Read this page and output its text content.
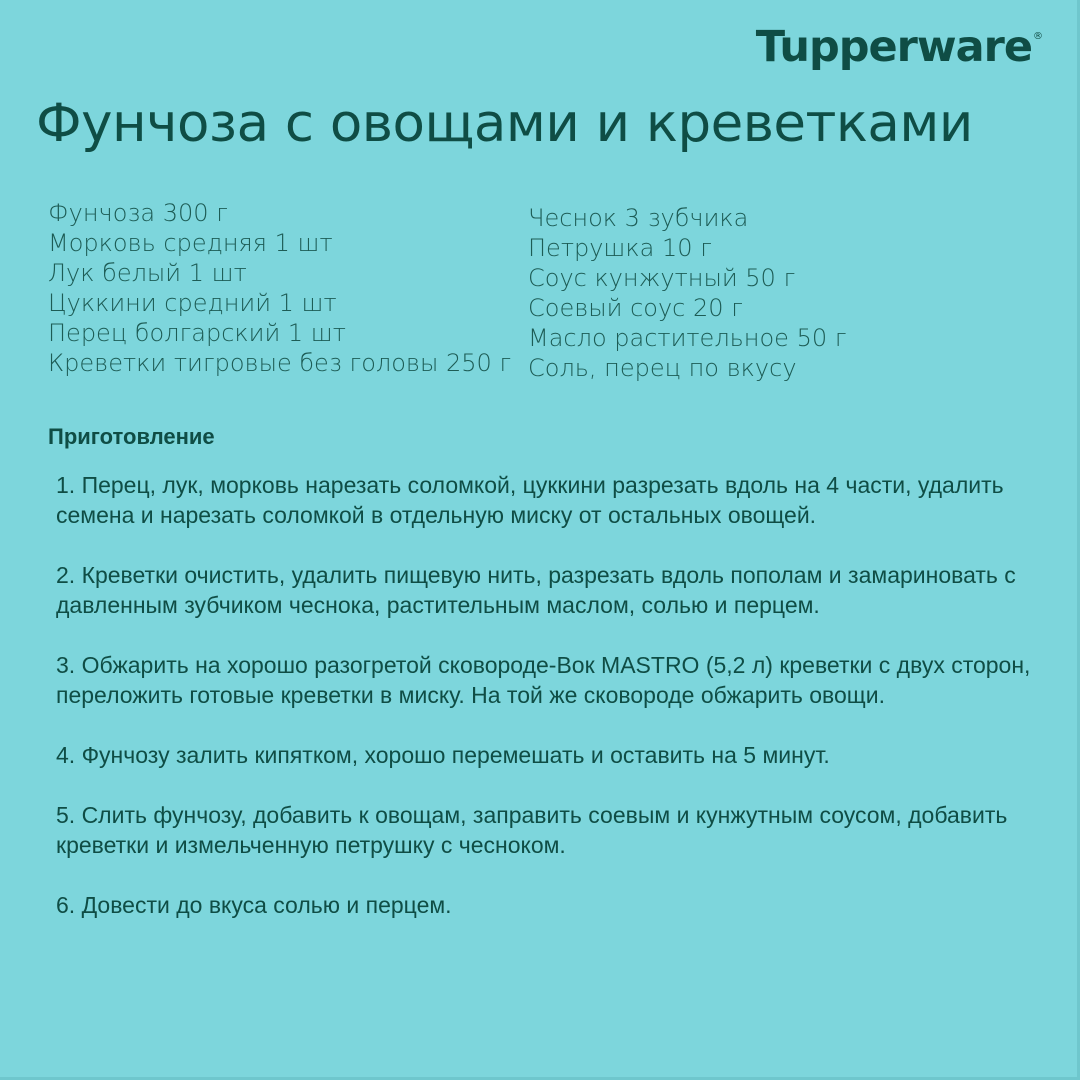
Tupperware®
Фунчоза с овощами и креветками
Фунчоза 300 г
Морковь средняя 1 шт
Лук белый 1 шт
Цуккини средний 1 шт
Перец болгарский 1 шт
Креветки тигровые без головы 250 г
Чеснок 3 зубчика
Петрушка 10 г
Соус кунжутный 50 г
Соевый соус 20 г
Масло растительное 50 г
Соль, перец по вкусу
Приготовление

1. Перец, лук, морковь нарезать соломкой, цуккини разрезать вдоль на 4 части, удалить семена и нарезать соломкой в отдельную миску от остальных овощей.

2. Креветки очистить, удалить пищевую нить, разрезать вдоль пополам и замариновать с давленным зубчиком чеснока, растительным маслом, солью и перцем.

3. Обжарить на хорошо разогретой сковороде-Вок MASTRO (5,2 л) креветки с двух сторон, переложить готовые креветки в миску. На той же сковороде обжарить овощи.

4. Фунчозу залить кипятком, хорошо перемешать и оставить на 5 минут.

5. Слить фунчозу, добавить к овощам, заправить соевым и кунжутным соусом, добавить креветки и измельченную петрушку с чесноком.

6. Довести до вкуса солью и перцем.
